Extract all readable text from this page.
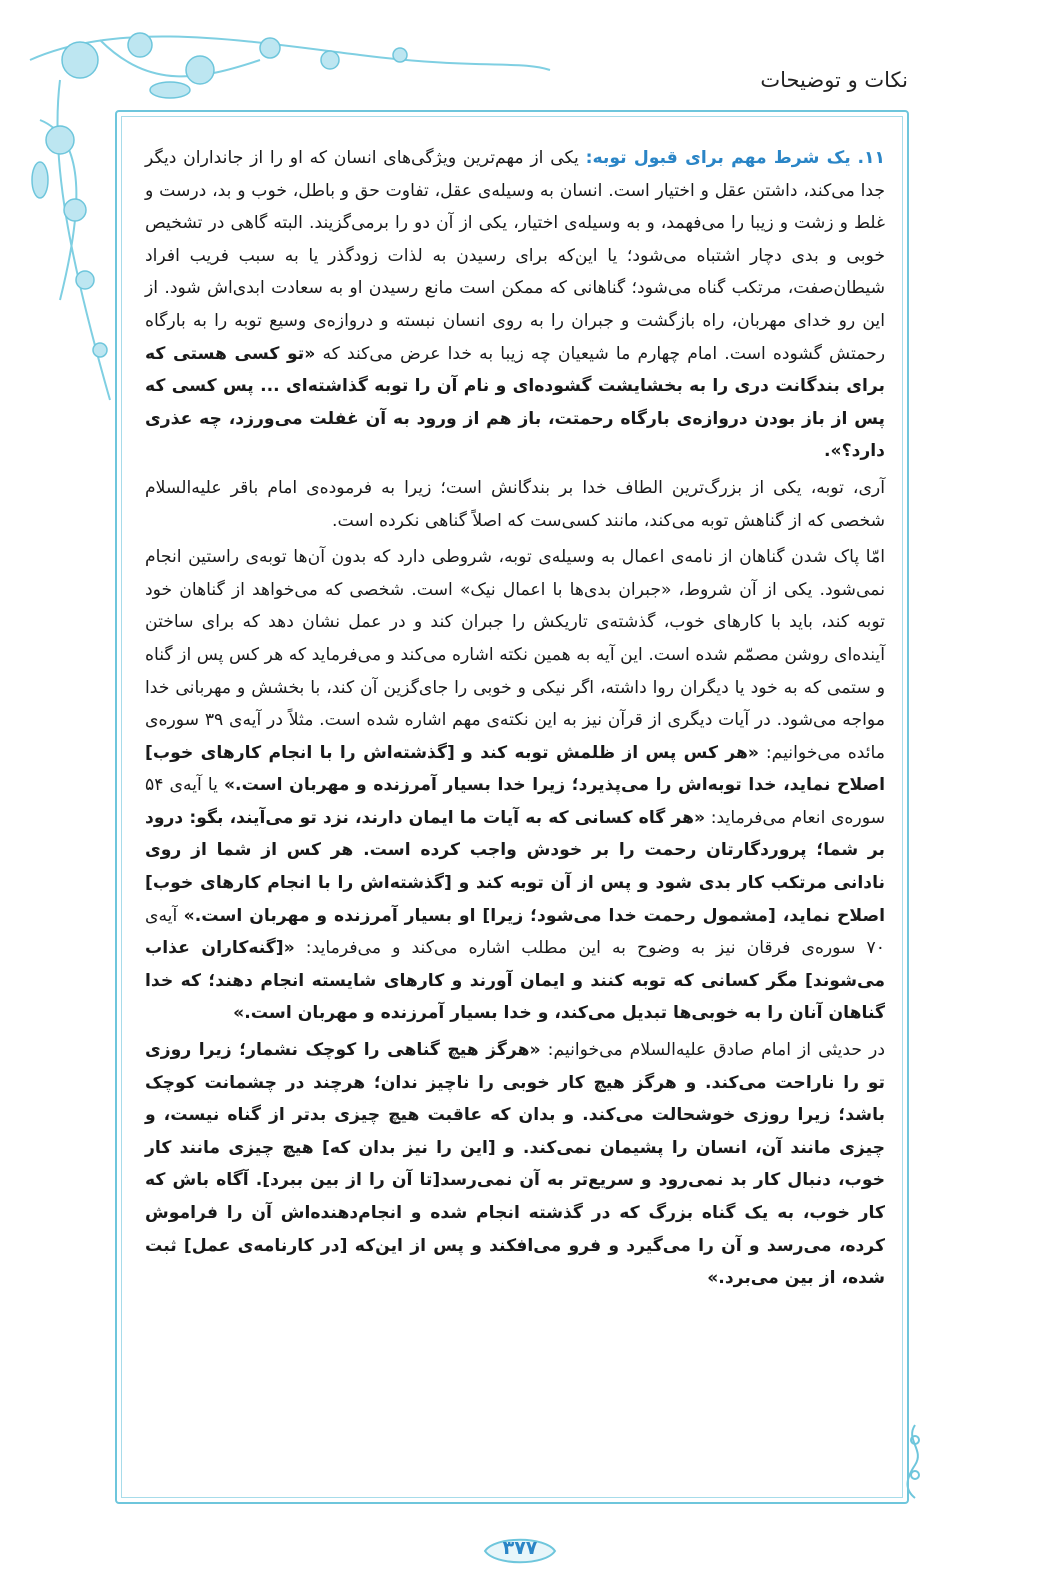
نکات و توضیحات

۱۱. یک شرط مهم برای قبول توبه: یکی از مهم‌ترین ویژگی‌های انسان که او را از جانداران دیگر جدا می‌کند، داشتن عقل و اختیار است. انسان به وسیله‌ی عقل، تفاوت حق و باطل، خوب و بد، درست و غلط و زشت و زیبا را می‌فهمد، و به وسیله‌ی اختیار، یکی از آن دو را برمی‌گزیند. البته گاهی در تشخیص خوبی و بدی دچار اشتباه می‌شود؛ یا این‌که برای رسیدن به لذات زودگذر یا به سبب فریب افراد شیطان‌صفت، مرتکب گناه می‌شود؛ گناهانی که ممکن است مانع رسیدن او به سعادت ابدی‌اش شود. از این رو خدای مهربان، راه بازگشت و جبران را به روی انسان نبسته و دروازه‌ی وسیع توبه را به بارگاه رحمتش گشوده است. امام چهارم ما شیعیان چه زیبا به خدا عرض می‌کند که «تو کسی هستی که برای بندگانت دری را به بخشایشت گشوده‌ای و نام آن را توبه گذاشته‌ای ... پس کسی که پس از باز بودن دروازه‌ی بارگاه رحمتت، باز هم از ورود به آن غفلت می‌ورزد، چه عذری دارد؟».

آری، توبه، یکی از بزرگ‌ترین الطاف خدا بر بندگانش است؛ زیرا به فرموده‌ی امام باقر علیه‌السلام شخصی که از گناهش توبه می‌کند، مانند کسی‌ست که اصلاً گناهی نکرده است.

امّا پاک شدن گناهان از نامه‌ی اعمال به وسیله‌ی توبه، شروطی دارد که بدون آن‌ها توبه‌ی راستین انجام نمی‌شود. یکی از آن شروط، «جبران بدی‌ها با اعمال نیک» است. شخصی که می‌خواهد از گناهان خود توبه کند، باید با کارهای خوب، گذشته‌ی تاریکش را جبران کند و در عمل نشان دهد که برای ساختن آینده‌ای روشن مصمّم شده است. این آیه به همین نکته اشاره می‌کند و می‌فرماید که هر کس پس از گناه و ستمی که به خود یا دیگران روا داشته، اگر نیکی و خوبی را جای‌گزین آن کند، با بخشش و مهربانی خدا مواجه می‌شود. در آیات دیگری از قرآن نیز به این نکته‌ی مهم اشاره شده است. مثلاً در آیه‌ی ۳۹ سوره‌ی مائده می‌خوانیم: «هر کس پس از ظلمش توبه کند و [گذشته‌اش را با انجام کارهای خوب] اصلاح نماید، خدا توبه‌اش را می‌پذیرد؛ زیرا خدا بسیار آمرزنده و مهربان است.» یا آیه‌ی ۵۴ سوره‌ی انعام می‌فرماید: «هر گاه کسانی که به آیات ما ایمان دارند، نزد تو می‌آیند، بگو: درود بر شما؛ پروردگارتان رحمت را بر خودش واجب کرده است. هر کس از شما از روی نادانی مرتکب کار بدی شود و پس از آن توبه کند و [گذشته‌اش را با انجام کارهای خوب] اصلاح نماید، [مشمول رحمت خدا می‌شود؛ زیرا] او بسیار آمرزنده و مهربان است.» آیه‌ی ۷۰ سوره‌ی فرقان نیز به وضوح به این مطلب اشاره می‌کند و می‌فرماید: «[گنه‌کاران عذاب می‌شوند] مگر کسانی که توبه کنند و ایمان آورند و کارهای شایسته انجام دهند؛ که خدا گناهان آنان را به خوبی‌ها تبدیل می‌کند، و خدا بسیار آمرزنده و مهربان است.»

در حدیثی از امام صادق علیه‌السلام می‌خوانیم: «هرگز هیچ گناهی را کوچک نشمار؛ زیرا روزی تو را ناراحت می‌کند. و هرگز هیچ کار خوبی را ناچیز ندان؛ هرچند در چشمانت کوچک باشد؛ زیرا روزی خوشحالت می‌کند. و بدان که عاقبت هیچ چیزی بدتر از گناه نیست، و چیزی مانند آن، انسان را پشیمان نمی‌کند. و [این را نیز بدان که] هیچ چیزی مانند کار خوب، دنبال کار بد نمی‌رود و سریع‌تر به آن نمی‌رسد[تا آن را از بین ببرد]. آگاه باش که کار خوب، به یک گناه بزرگ که در گذشته انجام شده و انجام‌دهنده‌اش آن را فراموش کرده، می‌رسد و آن را می‌گیرد و فرو می‌افکند و پس از این‌که [در کارنامه‌ی عمل] ثبت شده، از بین می‌برد.»

۳۷۷
